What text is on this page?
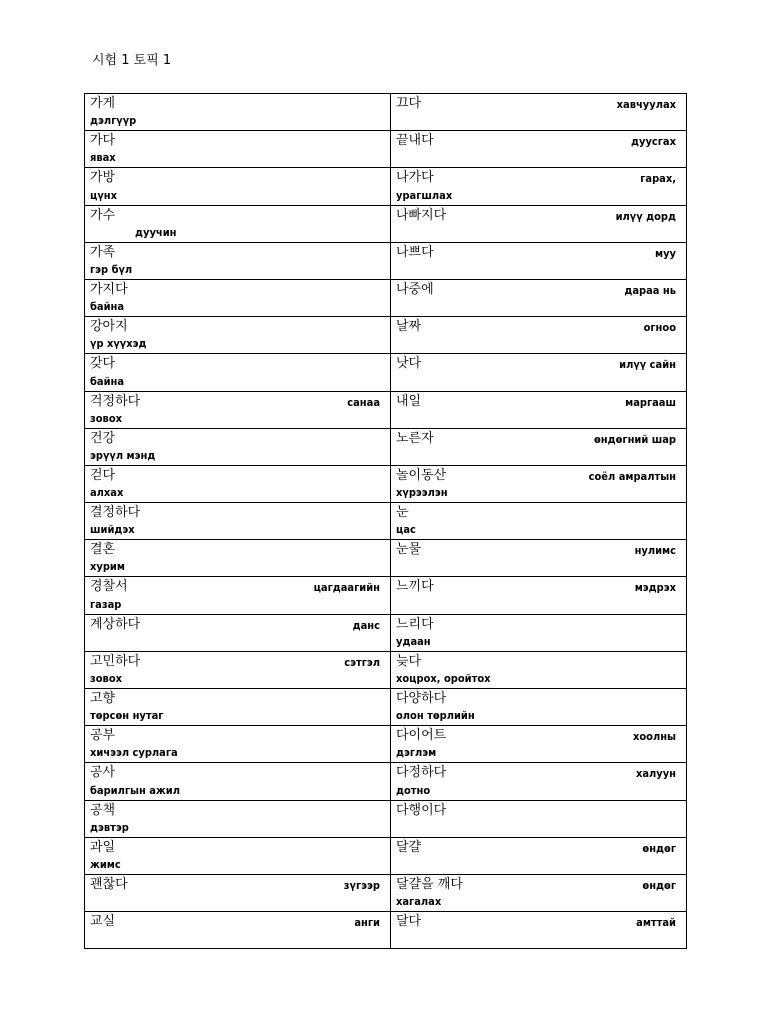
시험 1 토픽 1
가게
дэлгүүр	끄다 хавчуулах

가다
явах	끝내다 дуусгах

가방
цүнх	나가다 гарах,
урагшлах

가수
дуучин	나빠지다 илүү дорд

가족
гэр бүл	나쁘다 муу

가지다
байна	나중에 дараа нь

강아지
үр хүүхэд	날짜 огноо

갖다
байна	낫다 илүү сайн

걱정하다 санаа
зовох	내일 маргааш

건강
эрүүл мэнд	노른자 өндөгний шар

걷다
алхах	놀이동산 соёл амралтын
хүрээлэн

결정하다
шийдэх	눈
цас

결혼
хурим	눈물 нулимс

경찰서 цагдаагийн
газар	느끼다 мэдрэх

계상하다 данс	느리다
удаан

고민하다 сэтгэл
зовох	늦다
хоцрох, оройтох

고향
төрсөн нутаг	다양하다
олон төрлийн

공부
хичээл сурлага	다이어트 хоолны
дэглэм

공사
барилгын ажил	다정하다 халуун
дотно

공책
дэвтэр	다행이다

과일
жимс	달걀 өндөг

괜찮다 зүгээр	달걀을 깨다 өндөг
хагалах

교실 анги	달다 амттай
